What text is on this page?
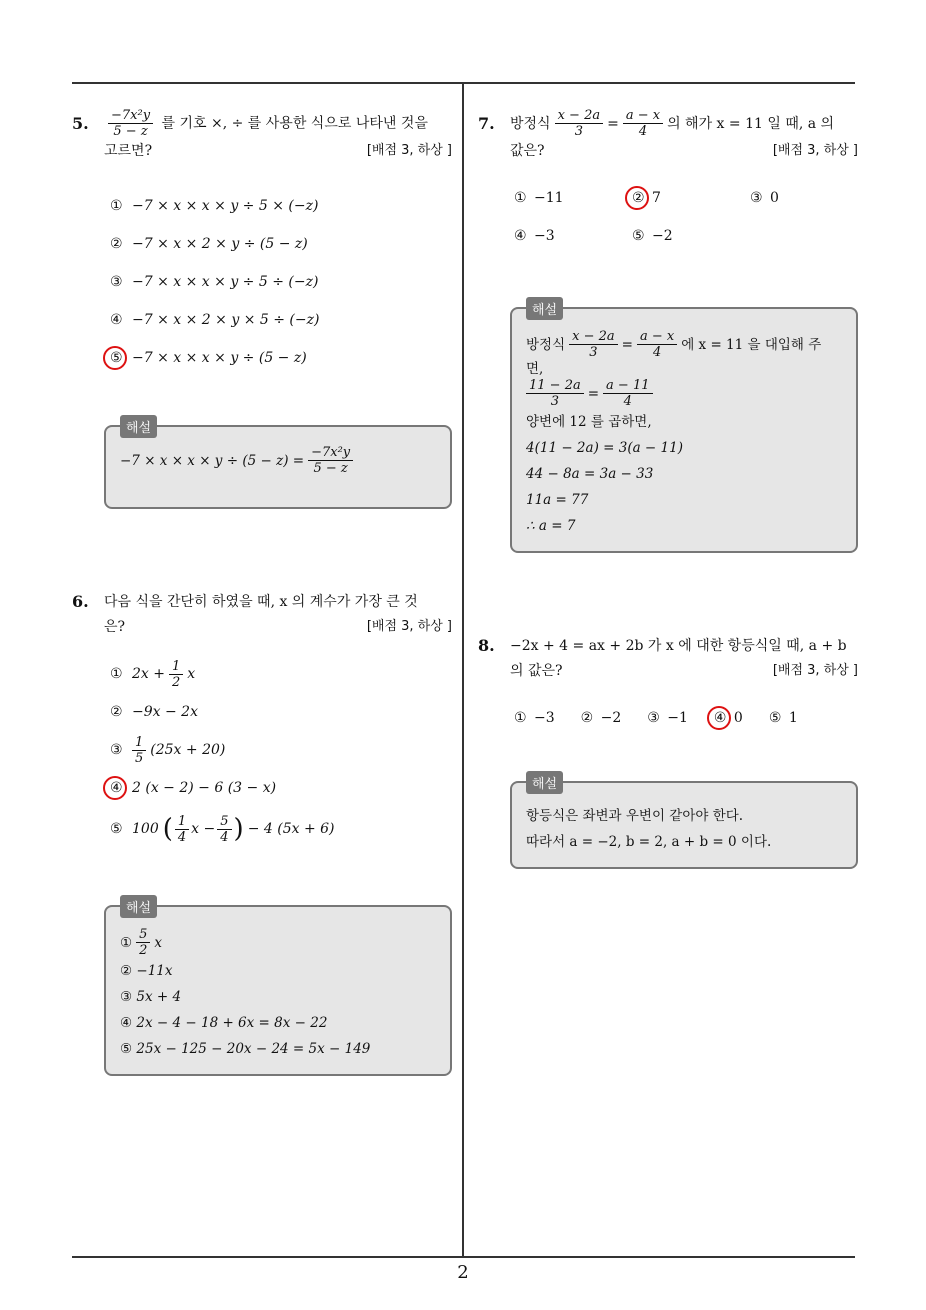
5.	$\frac{\text{−7x²y}}{5 - z}$ 를 기호 ×, ÷ 를 사용한 식으로 나타낸 것을
고르면?	[배점 3, 하상 ]
① −7 × x × x × y ÷ 5 × (−z)
② −7 × x × 2 × y ÷ (5 − z)
③ −7 × x × x × y ÷ 5 ÷ (−z)
④ −7 × x × 2 × y × 5 ÷ (−z)
⑤ −7 × x × x × y ÷ (5 − z)
해설
$-7 \times x \times x \times y \div (5 - z) = \frac{\text{−7x²y}}{5 - z}$
6.	다음 식을 간단히 하였을 때, x 의 계수가 가장 큰 것
은?	[배점 3, 하상 ]
① $2x + \frac{1}{2}$ x
② −9x − 2x
③ $\frac{1}{5} (25x + 20)$
④ 2 (x − 2) − 6 (3 − x)
⑤ 100 ( $\frac{1}{4}$ $x - \frac{5}{4}$ ) − 4 (5x + 6)
해설
① $\frac{5}{2}$ x
② −11x
③ 5x + 4
④ 2x − 4 − 18 + 6x = 8x − 22
⑤ 25x − 125 − 20x − 24 = 5x − 149
7.	방정식 $\frac{x - 2a}{3} = \frac{a - x}{4}$ 의 해가 x = 11 일 때, a 의
값은?	[배점 3, 하상 ]
① −11	② 7	③ 0
④ −3	⑤ −2
해설
방정식 $\frac{x - 2a}{3} = \frac{a - x}{4}$ 에 x = 11 을 대입해 주
면,
$\frac{11 - 2a}{3} = \frac{a - 11}{4}$
양변에 12 를 곱하면,
4(11 − 2a) = 3(a − 11)
44 − 8a = 3a − 33
11a = 77
∴ a = 7
8.	−2x + 4 = ax + 2b 가 x 에 대한 항등식일 때, a + b
의 값은?	[배점 3, 하상 ]
① −3 ② −2 ③ −1 ④ 0 ⑤ 1
해설
항등식은 좌변과 우변이 같아야 한다.
따라서 a = −2, b = 2, a + b = 0 이다.
2
